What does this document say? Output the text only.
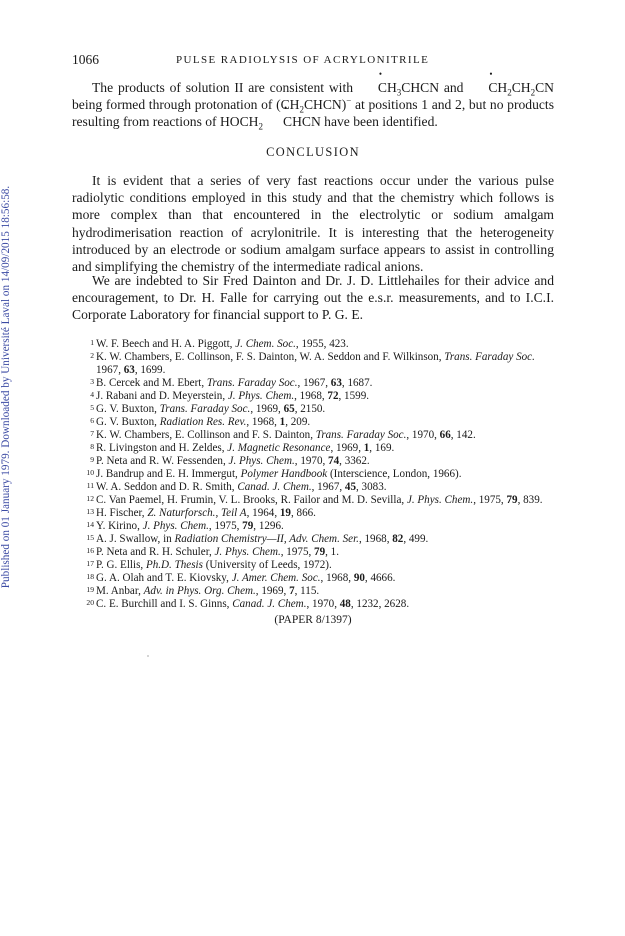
Published on 01 January 1979. Downloaded by Université Laval on 14/09/2015 18:56:58.
1066	PULSE RADIOLYSIS OF ACRYLONITRILE

The products of solution II are consistent with • $CH_3CHCN$ and • $CH_2CH_2CN$ being formed through protonation of $(CH_2CHCN)^-$ at positions 1 and 2, but no products resulting from reactions of $HOCH_2•$ CHCN have been identified.

CONCLUSION

It is evident that a series of very fast reactions occur under the various pulse radiolytic conditions employed in this study and that the chemistry which follows is more complex than that encountered in the electrolytic or sodium amalgam hydrodimerisation reaction of acrylonitrile. It is interesting that the heterogeneity introduced by an electrode or sodium amalgam surface appears to assist in controlling and simplifying the chemistry of the intermediate radical anions.

We are indebted to Sir Fred Dainton and Dr. J. D. Littlehailes for their advice and encouragement, to Dr. H. Falle for carrying out the e.s.r. measurements, and to I.C.I. Corporate Laboratory for financial support to P. G. E.

1 W. F. Beech and H. A. Piggott, J. Chem. Soc., 1955, 423.
2 K. W. Chambers, E. Collinson, F. S. Dainton, W. A. Seddon and F. Wilkinson, Trans. Faraday Soc. 1967, 63, 1699.
3 B. Cercek and M. Ebert, Trans. Faraday Soc., 1967, 63, 1687.
4 J. Rabani and D. Meyerstein, J. Phys. Chem., 1968, 72, 1599.
5 G. V. Buxton, Trans. Faraday Soc., 1969, 65, 2150.
6 G. V. Buxton, Radiation Res. Rev., 1968, 1, 209.
7 K. W. Chambers, E. Collinson and F. S. Dainton, Trans. Faraday Soc., 1970, 66, 142.
8 R. Livingston and H. Zeldes, J. Magnetic Resonance, 1969, 1, 169.
9 P. Neta and R. W. Fessenden, J. Phys. Chem., 1970, 74, 3362.
10 J. Bandrup and E. H. Immergut, Polymer Handbook (Interscience, London, 1966).
11 W. A. Seddon and D. R. Smith, Canad. J. Chem., 1967, 45, 3083.
12 C. Van Paemel, H. Frumin, V. L. Brooks, R. Failor and M. D. Sevilla, J. Phys. Chem., 1975, 79, 839.
13 H. Fischer, Z. Naturforsch., Teil A, 1964, 19, 866.
14 Y. Kirino, J. Phys. Chem., 1975, 79, 1296.
15 A. J. Swallow, in Radiation Chemistry—II, Adv. Chem. Ser., 1968, 82, 499.
16 P. Neta and R. H. Schuler, J. Phys. Chem., 1975, 79, 1.
17 P. G. Ellis, Ph.D. Thesis (University of Leeds, 1972).
18 G. A. Olah and T. E. Kiovsky, J. Amer. Chem. Soc., 1968, 90, 4666.
19 M. Anbar, Adv. in Phys. Org. Chem., 1969, 7, 115.
20 C. E. Burchill and I. S. Ginns, Canad. J. Chem., 1970, 48, 1232, 2628.
(PAPER 8/1397)
